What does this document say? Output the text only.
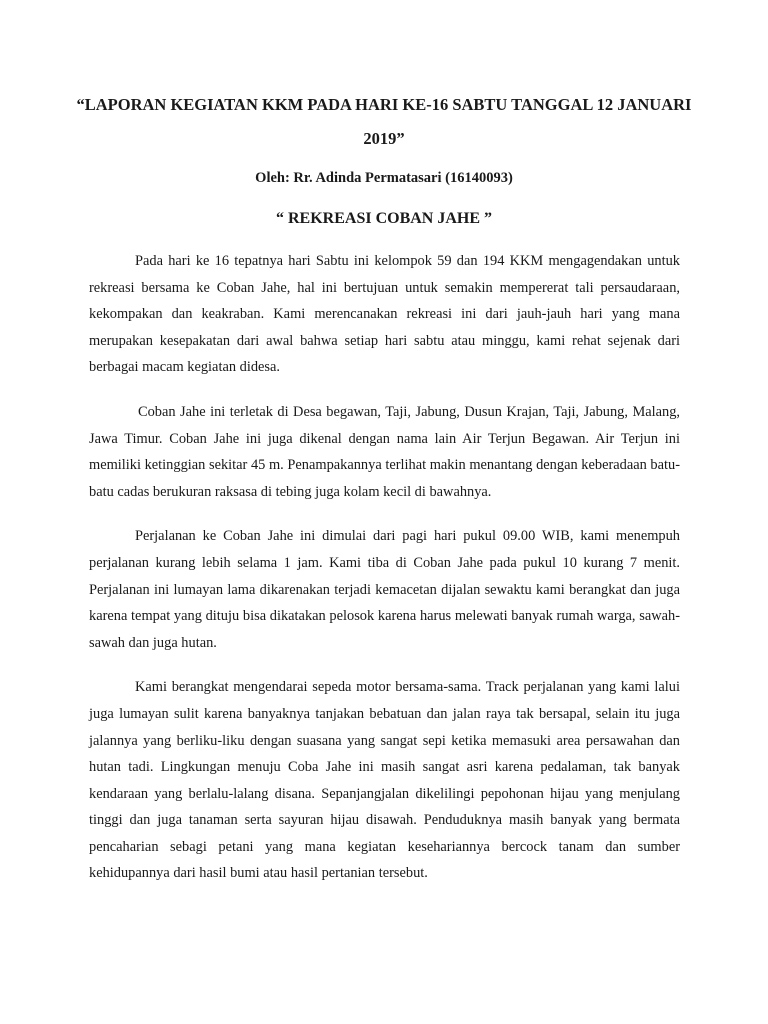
“LAPORAN KEGIATAN KKM PADA HARI KE-16 SABTU TANGGAL 12 JANUARI 2019”
Oleh: Rr. Adinda Permatasari (16140093)
“ REKREASI COBAN JAHE ”

Pada hari ke 16 tepatnya hari Sabtu ini kelompok 59 dan 194 KKM mengagendakan untuk rekreasi bersama ke Coban Jahe, hal ini bertujuan untuk semakin mempererat tali persaudaraan, kekompakan dan keakraban. Kami merencanakan rekreasi ini dari jauh-jauh hari yang mana merupakan kesepakatan dari awal bahwa setiap hari sabtu atau minggu, kami rehat sejenak dari berbagai macam kegiatan didesa.

Coban Jahe ini terletak di Desa begawan, Taji, Jabung, Dusun Krajan, Taji, Jabung, Malang, Jawa Timur. Coban Jahe ini juga dikenal dengan nama lain Air Terjun Begawan. Air Terjun ini memiliki ketinggian sekitar 45 m. Penampakannya terlihat makin menantang dengan keberadaan batu-batu cadas berukuran raksasa di tebing juga kolam kecil di bawahnya.

Perjalanan ke Coban Jahe ini dimulai dari pagi hari pukul 09.00 WIB, kami menempuh perjalanan kurang lebih selama 1 jam. Kami tiba di Coban Jahe pada pukul 10 kurang 7 menit. Perjalanan ini lumayan lama dikarenakan terjadi kemacetan dijalan sewaktu kami berangkat dan juga karena tempat yang dituju bisa dikatakan pelosok karena harus melewati banyak rumah warga, sawah-sawah dan juga hutan.

Kami berangkat mengendarai sepeda motor bersama-sama. Track perjalanan yang kami lalui juga lumayan sulit karena banyaknya tanjakan bebatuan dan jalan raya tak bersapal, selain itu juga jalannya yang berliku-liku dengan suasana yang sangat sepi ketika memasuki area persawahan dan hutan tadi. Lingkungan menuju Coba Jahe ini masih sangat asri karena pedalaman, tak banyak kendaraan yang berlalu-lalang disana. Sepanjangjalan dikelilingi pepohonan hijau yang menjulang tinggi dan juga tanaman serta sayuran hijau disawah. Penduduknya masih banyak yang bermata pencaharian sebagi petani yang mana kegiatan kesehariannya bercock tanam dan sumber kehidupannya dari hasil bumi atau hasil pertanian tersebut.
